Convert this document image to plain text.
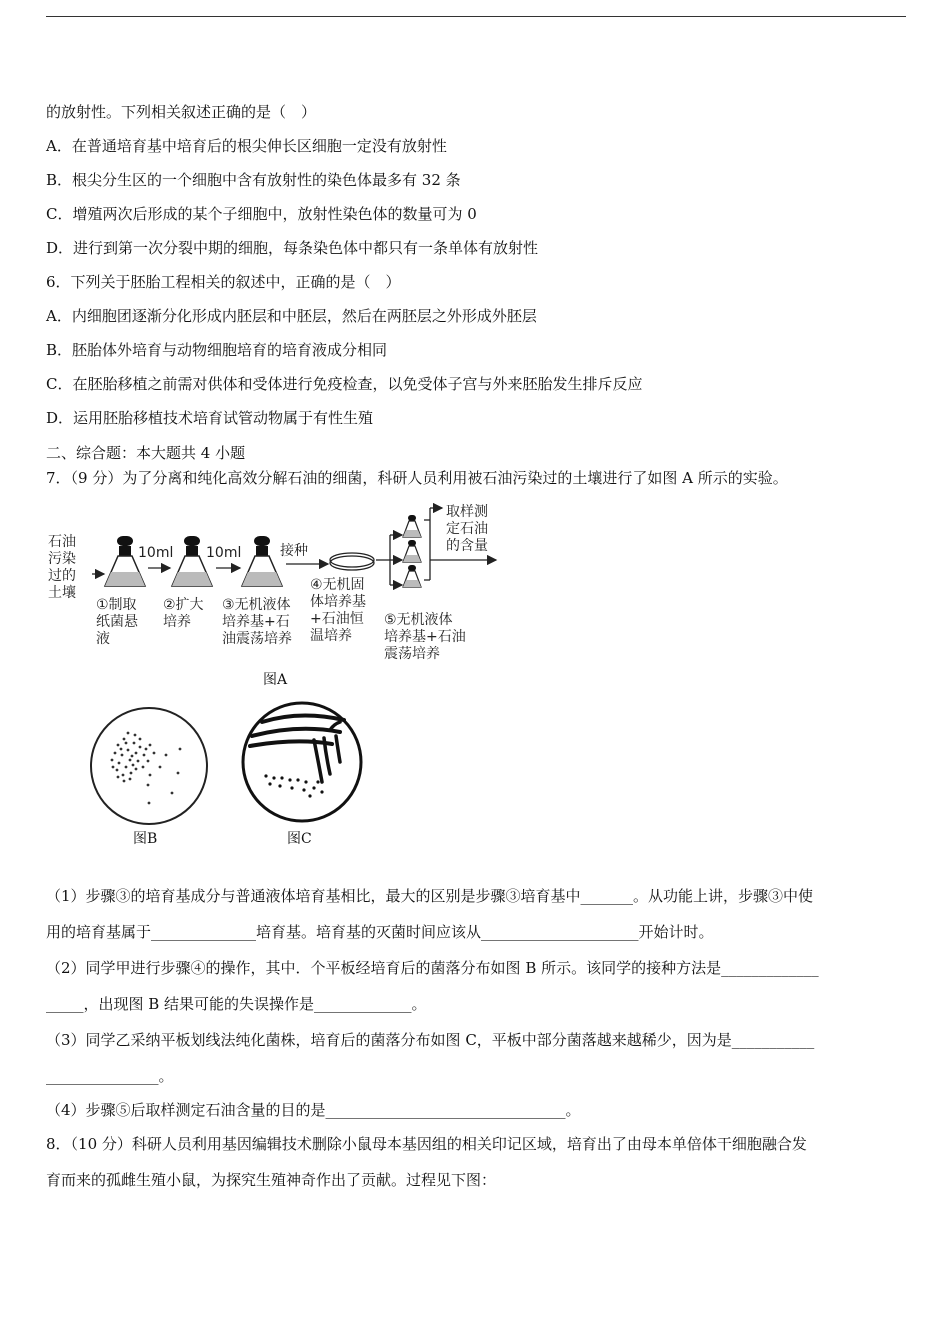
的放射性。下列相关叙述正确的是（　）
A．在普通培育基中培育后的根尖伸长区细胞一定没有放射性
B．根尖分生区的一个细胞中含有放射性的染色体最多有 32 条
C．增殖两次后形成的某个子细胞中，放射性染色体的数量可为 0
D．进行到第一次分裂中期的细胞，每条染色体中都只有一条单体有放射性
6．下列关于胚胎工程相关的叙述中，正确的是（　）
A．内细胞团逐渐分化形成内胚层和中胚层，然后在两胚层之外形成外胚层
B．胚胎体外培育与动物细胞培育的培育液成分相同
C．在胚胎移植之前需对供体和受体进行免疫检查，以免受体子宫与外来胚胎发生排斥反应
D．运用胚胎移植技术培育试管动物属于有性生殖
二、综合题：本大题共 4 小题
7．（9 分）为了分离和纯化高效分解石油的细菌，科研人员利用被石油污染过的土壤进行了如图 A 所示的实验。
石油
污染
过的
土壤
10ml 10ml	接种
①制取
纸菌悬
液
②扩大
培养
③无机液体
培养基+石
油震荡培养
④无机固
体培养基
+石油恒
温培养
⑤无机液体
培养基+石油
震荡培养
取样测
定石油
的含量
图A
图B	图C
（1）步骤③的培育基成分与普通液体培育基相比，最大的区别是步骤③培育基中_______。从功能上讲，步骤③中使
用的培育基属于______________培育基。培育基的灭菌时间应该从_____________________开始计时。
（2）同学甲进行步骤④的操作，其中．个平板经培育后的菌落分布如图 B 所示。该同学的接种方法是_____________
_____，出现图 B 结果可能的失误操作是_____________。
（3）同学乙采纳平板划线法纯化菌株，培育后的菌落分布如图 C，平板中部分菌落越来越稀少，因为是___________
_______________。
（4）步骤⑤后取样测定石油含量的目的是________________________________。
8．（10 分）科研人员利用基因编辑技术删除小鼠母本基因组的相关印记区域，培育出了由母本单倍体干细胞融合发
育而来的孤雌生殖小鼠，为探究生殖神奇作出了贡献。过程见下图：
